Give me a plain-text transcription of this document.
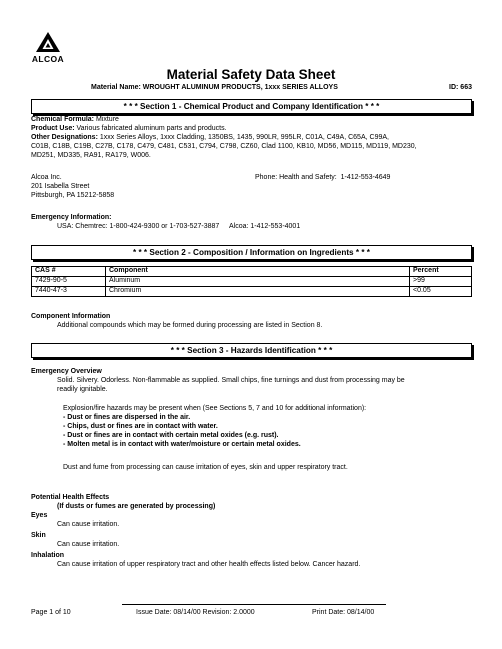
ALCOA
Material Safety Data Sheet
Material Name: WROUGHT ALUMINUM PRODUCTS, 1xxx SERIES ALLOYS	ID: 663
* * * Section 1 - Chemical Product and Company Identification * * *
Chemical Formula: Mixture
Product Use: Various fabricated aluminum parts and products.
Other Designations: 1xxx Series Alloys, 1xxx Cladding, 1350BS, 1435, 990LR, 995LR, C01A, C49A, C65A, C99A,
C01B, C18B, C19B, C27B, C178, C479, C481, C531, C794, C798, CZ60, Clad 1100, KB10, MD56, MD115, MD119, MD230,
MD251, MD335, RA91, RA179, W006.
Alcoa Inc.
201 Isabella Street
Pittsburgh, PA 15212-5858
Phone: Health and Safety: 1-412-553-4649
Emergency Information:
USA: Chemtrec: 1-800-424-9300 or 1-703-527-3887 Alcoa: 1-412-553-4001
* * * Section 2 - Composition / Information on Ingredients * * *
CAS #	Component	Percent
7429-90-5	Aluminum	>99
7440-47-3	Chromium	<0.05
Component Information
Additional compounds which may be formed during processing are listed in Section 8.
* * * Section 3 - Hazards Identification * * *
Emergency Overview
Solid. Silvery. Odorless. Non-flammable as supplied. Small chips, fine turnings and dust from processing may be
readily ignitable.
Explosion/fire hazards may be present when (See Sections 5, 7 and 10 for additional information):
- Dust or fines are dispersed in the air.
- Chips, dust or fines are in contact with water.
- Dust or fines are in contact with certain metal oxides (e.g. rust).
- Molten metal is in contact with water/moisture or certain metal oxides.
Dust and fume from processing can cause irritation of eyes, skin and upper respiratory tract.
Potential Health Effects
(If dusts or fumes are generated by processing)
Eyes
Can cause irritation.
Skin
Can cause irritation.
Inhalation
Can cause irritation of upper respiratory tract and other health effects listed below. Cancer hazard.
Page 1 of 10	Issue Date: 08/14/00 Revision: 2.0000	Print Date: 08/14/00
